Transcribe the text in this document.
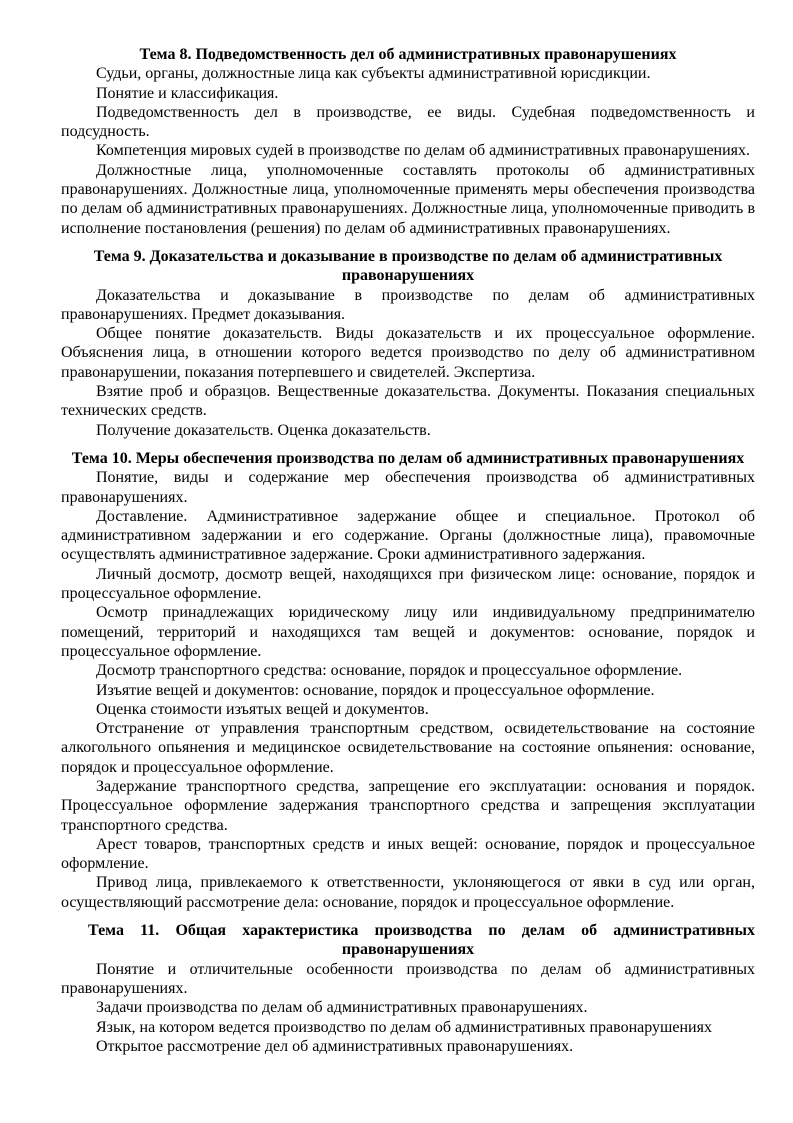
Тема 8. Подведомственность дел об административных правонарушениях

Судьи, органы, должностные лица как субъекты административной юрисдикции.

Понятие и классификация.

Подведомственность дел в производстве, ее виды. Судебная подведомственность и подсудность.

Компетенция мировых судей в производстве по делам об административных правонарушениях.

Должностные лица, уполномоченные составлять протоколы об административных правонарушениях. Должностные лица, уполномоченные применять меры обеспечения производства по делам об административных правонарушениях. Должностные лица, уполномоченные приводить в исполнение постановления (решения) по делам об административных правонарушениях.

Тема 9. Доказательства и доказывание в производстве по делам об административных правонарушениях

Доказательства и доказывание в производстве по делам об административных правонарушениях. Предмет доказывания.

Общее понятие доказательств. Виды доказательств и их процессуальное оформление. Объяснения лица, в отношении которого ведется производство по делу об административном правонарушении, показания потерпевшего и свидетелей. Экспертиза.

Взятие проб и образцов. Вещественные доказательства. Документы. Показания специальных технических средств.

Получение доказательств. Оценка доказательств.

Тема 10. Меры обеспечения производства по делам об административных правонарушениях

Понятие, виды и содержание мер обеспечения производства об административных правонарушениях.

Доставление. Административное задержание общее и специальное. Протокол об административном задержании и его содержание. Органы (должностные лица), правомочные осуществлять административное задержание. Сроки административного задержания.

Личный досмотр, досмотр вещей, находящихся при физическом лице: основание, порядок и процессуальное оформление.

Осмотр принадлежащих юридическому лицу или индивидуальному предпринимателю помещений, территорий и находящихся там вещей и документов: основание, порядок и процессуальное оформление.

Досмотр транспортного средства: основание, порядок и процессуальное оформление.

Изъятие вещей и документов: основание, порядок и процессуальное оформление.

Оценка стоимости изъятых вещей и документов.

Отстранение от управления транспортным средством, освидетельствование на состояние алкогольного опьянения и медицинское освидетельствование на состояние опьянения: основание, порядок и процессуальное оформление.

Задержание транспортного средства, запрещение его эксплуатации: основания и порядок. Процессуальное оформление задержания транспортного средства и запрещения эксплуатации транспортного средства.

Арест товаров, транспортных средств и иных вещей: основание, порядок и процессуальное оформление.

Привод лица, привлекаемого к ответственности, уклоняющегося от явки в суд или орган, осуществляющий рассмотрение дела: основание, порядок и процессуальное оформление.

Тема 11. Общая характеристика производства по делам об административных правонарушениях

Понятие и отличительные особенности производства по делам об административных правонарушениях.

Задачи производства по делам об административных правонарушениях.

Язык, на котором ведется производство по делам об административных правонарушениях

Открытое рассмотрение дел об административных правонарушениях.
